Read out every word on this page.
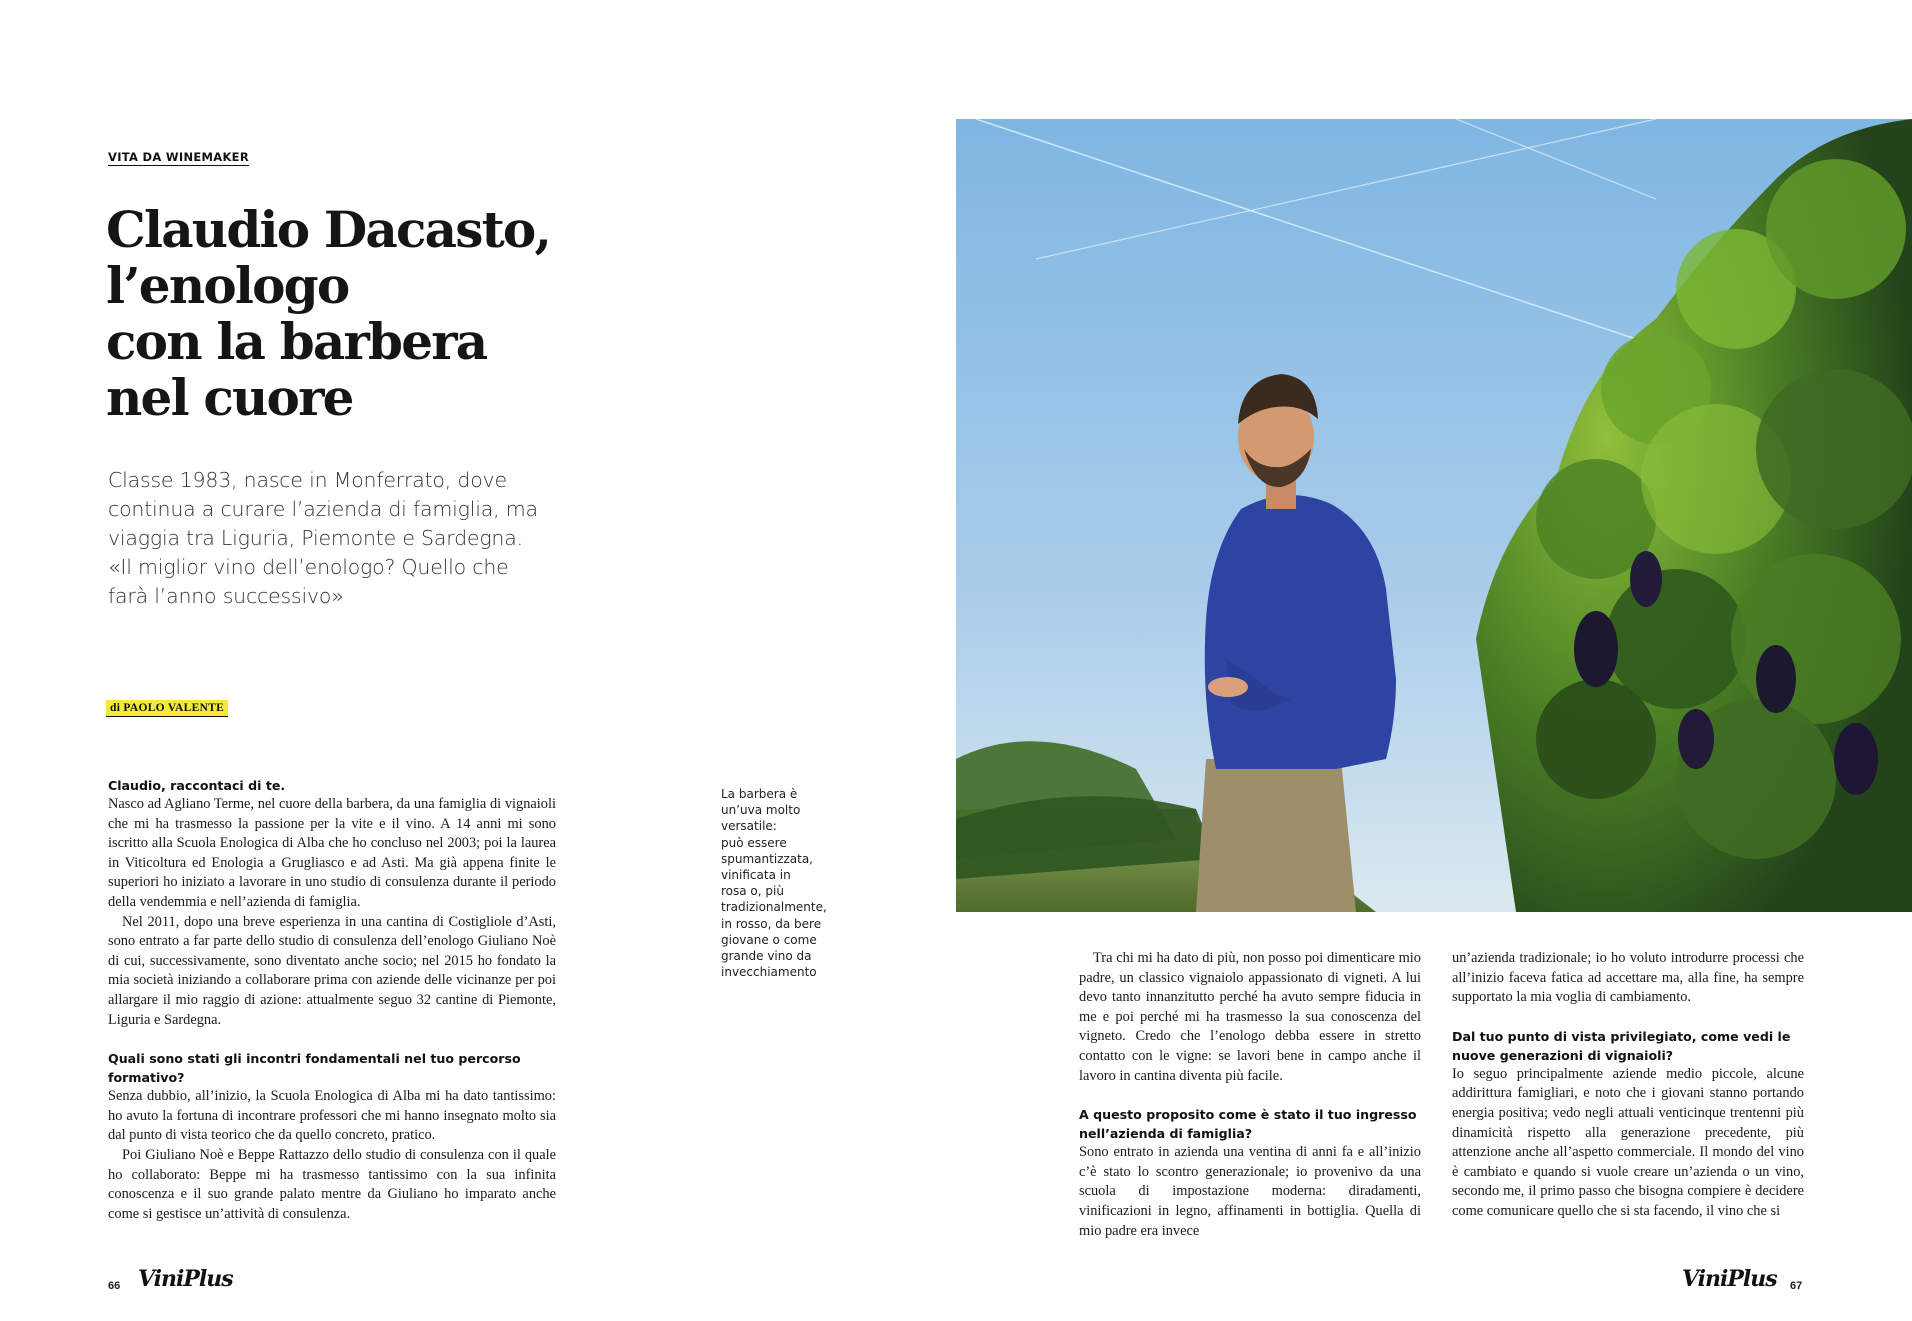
VITA DA WINEMAKER
Claudio Dacasto,
l’enologo
con la barbera
nel cuore

Classe 1983, nasce in Monferrato, dove continua a curare l’azienda di famiglia, ma viaggia tra Liguria, Piemonte e Sardegna. «Il miglior vino dell’enologo? Quello che farà l’anno successivo»

di PAOLO VALENTE
Claudio, raccontaci di te.

Nasco ad Agliano Terme, nel cuore della barbera, da una famiglia di vignaioli che mi ha trasmesso la passione per la vite e il vino. A 14 anni mi sono iscritto alla Scuola Enologica di Alba che ho concluso nel 2003; poi la laurea in Viticoltura ed Enologia a Grugliasco e ad Asti. Ma già appena finite le superiori ho iniziato a lavorare in uno studio di consulenza durante il periodo della vendemmia e nell’azienda di famiglia.

Nel 2011, dopo una breve esperienza in una cantina di Costigliole d’Asti, sono entrato a far parte dello studio di consulenza dell’enologo Giuliano Noè di cui, successivamente, sono diventato anche socio; nel 2015 ho fondato la mia società iniziando a collaborare prima con aziende delle vicinanze per poi allargare il mio raggio di azione: attualmente seguo 32 cantine di Piemonte, Liguria e Sardegna.

Quali sono stati gli incontri fondamentali nel tuo percorso formativo?

Senza dubbio, all’inizio, la Scuola Enologica di Alba mi ha dato tantissimo: ho avuto la fortuna di incontrare professori che mi hanno insegnato molto sia dal punto di vista teorico che da quello concreto, pratico.

Poi Giuliano Noè e Beppe Rattazzo dello studio di consulenza con il quale ho collaborato: Beppe mi ha trasmesso tantissimo con la sua infinita conoscenza e il suo grande palato mentre da Giuliano ho imparato anche come si gestisce un’attività di consulenza.

La barbera è
un’uva molto
versatile:
può essere
spumantizzata,
vinificata in
rosa o, più
tradizionalmente,
in rosso, da bere
giovane o come
grande vino da
invecchiamento
66 ViniPlus

Tra chi mi ha dato di più, non posso poi dimenticare mio padre, un classico vignaiolo appassionato di vigneti. A lui devo tanto innanzitutto perché ha avuto sempre fiducia in me e poi perché mi ha trasmesso la sua conoscenza del vigneto. Credo che l’enologo debba essere in stretto contatto con le vigne: se lavori bene in campo anche il lavoro in cantina diventa più facile.

A questo proposito come è stato il tuo ingresso nell’azienda di famiglia?

Sono entrato in azienda una ventina di anni fa e all’inizio c’è stato lo scontro generazionale; io provenivo da una scuola di impostazione moderna: diradamenti, vinificazioni in legno, affinamenti in bottiglia. Quella di mio padre era invece

un’azienda tradizionale; io ho voluto introdurre processi che all’inizio faceva fatica ad accettare ma, alla fine, ha sempre supportato la mia voglia di cambiamento.

Dal tuo punto di vista privilegiato, come vedi le nuove generazioni di vignaioli?

Io seguo principalmente aziende medio piccole, alcune addirittura famigliari, e noto che i giovani stanno portando energia positiva; vedo negli attuali venticinque trentenni più dinamicità rispetto alla generazione precedente, più attenzione anche all’aspetto commerciale. Il mondo del vino è cambiato e quando si vuole creare un’azienda o un vino, secondo me, il primo passo che bisogna compiere è decidere come comunicare quello che si sta facendo, il vino che si

ViniPlus 67
